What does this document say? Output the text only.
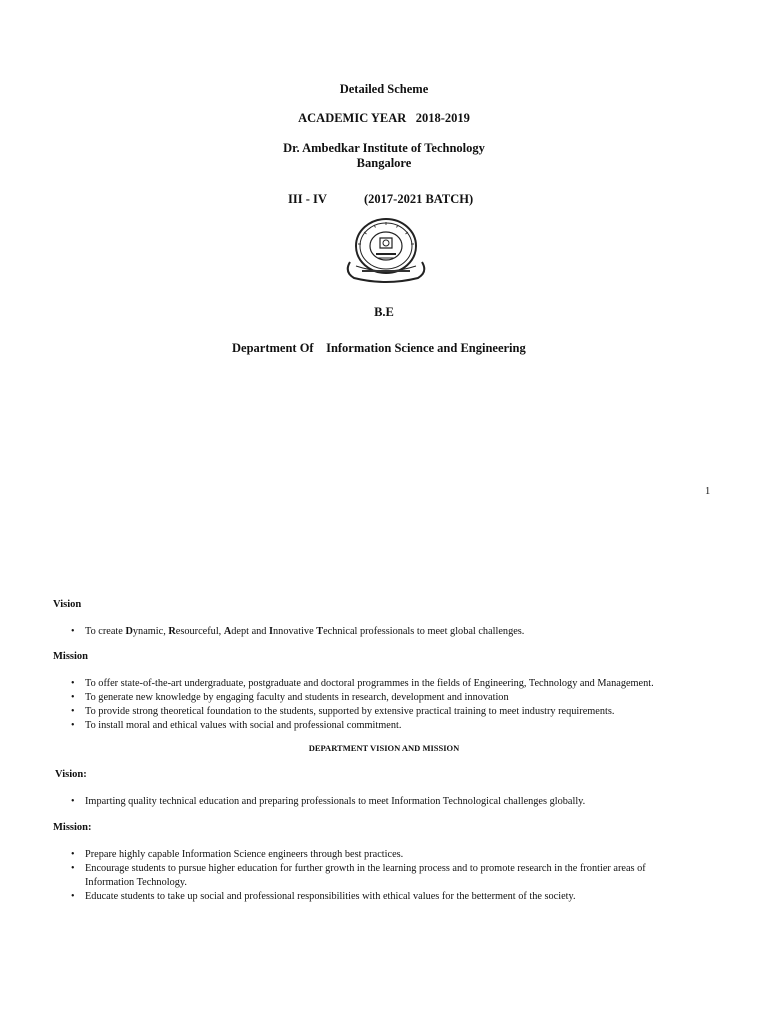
Detailed Scheme
ACADEMIC YEAR 2018-2019
Dr. Ambedkar Institute of Technology
Bangalore
III - IV	(2017-2021 BATCH)
B.E
Department Of Information Science and Engineering
1
Vision
• To create Dynamic, Resourceful, Adept and Innovative Technical professionals to meet global challenges.
Mission
• To offer state-of-the-art undergraduate, postgraduate and doctoral programmes in the fields of Engineering, Technology and Management.
• To generate new knowledge by engaging faculty and students in research, development and innovation
• To provide strong theoretical foundation to the students, supported by extensive practical training to meet industry requirements.
• To install moral and ethical values with social and professional commitment.
DEPARTMENT VISION AND MISSION
Vision:
• Imparting quality technical education and preparing professionals to meet Information Technological challenges globally.
Mission:
• Prepare highly capable Information Science engineers through best practices.
• Encourage students to pursue higher education for further growth in the learning process and to promote research in the frontier areas of
Information Technology.
• Educate students to take up social and professional responsibilities with ethical values for the betterment of the society.
